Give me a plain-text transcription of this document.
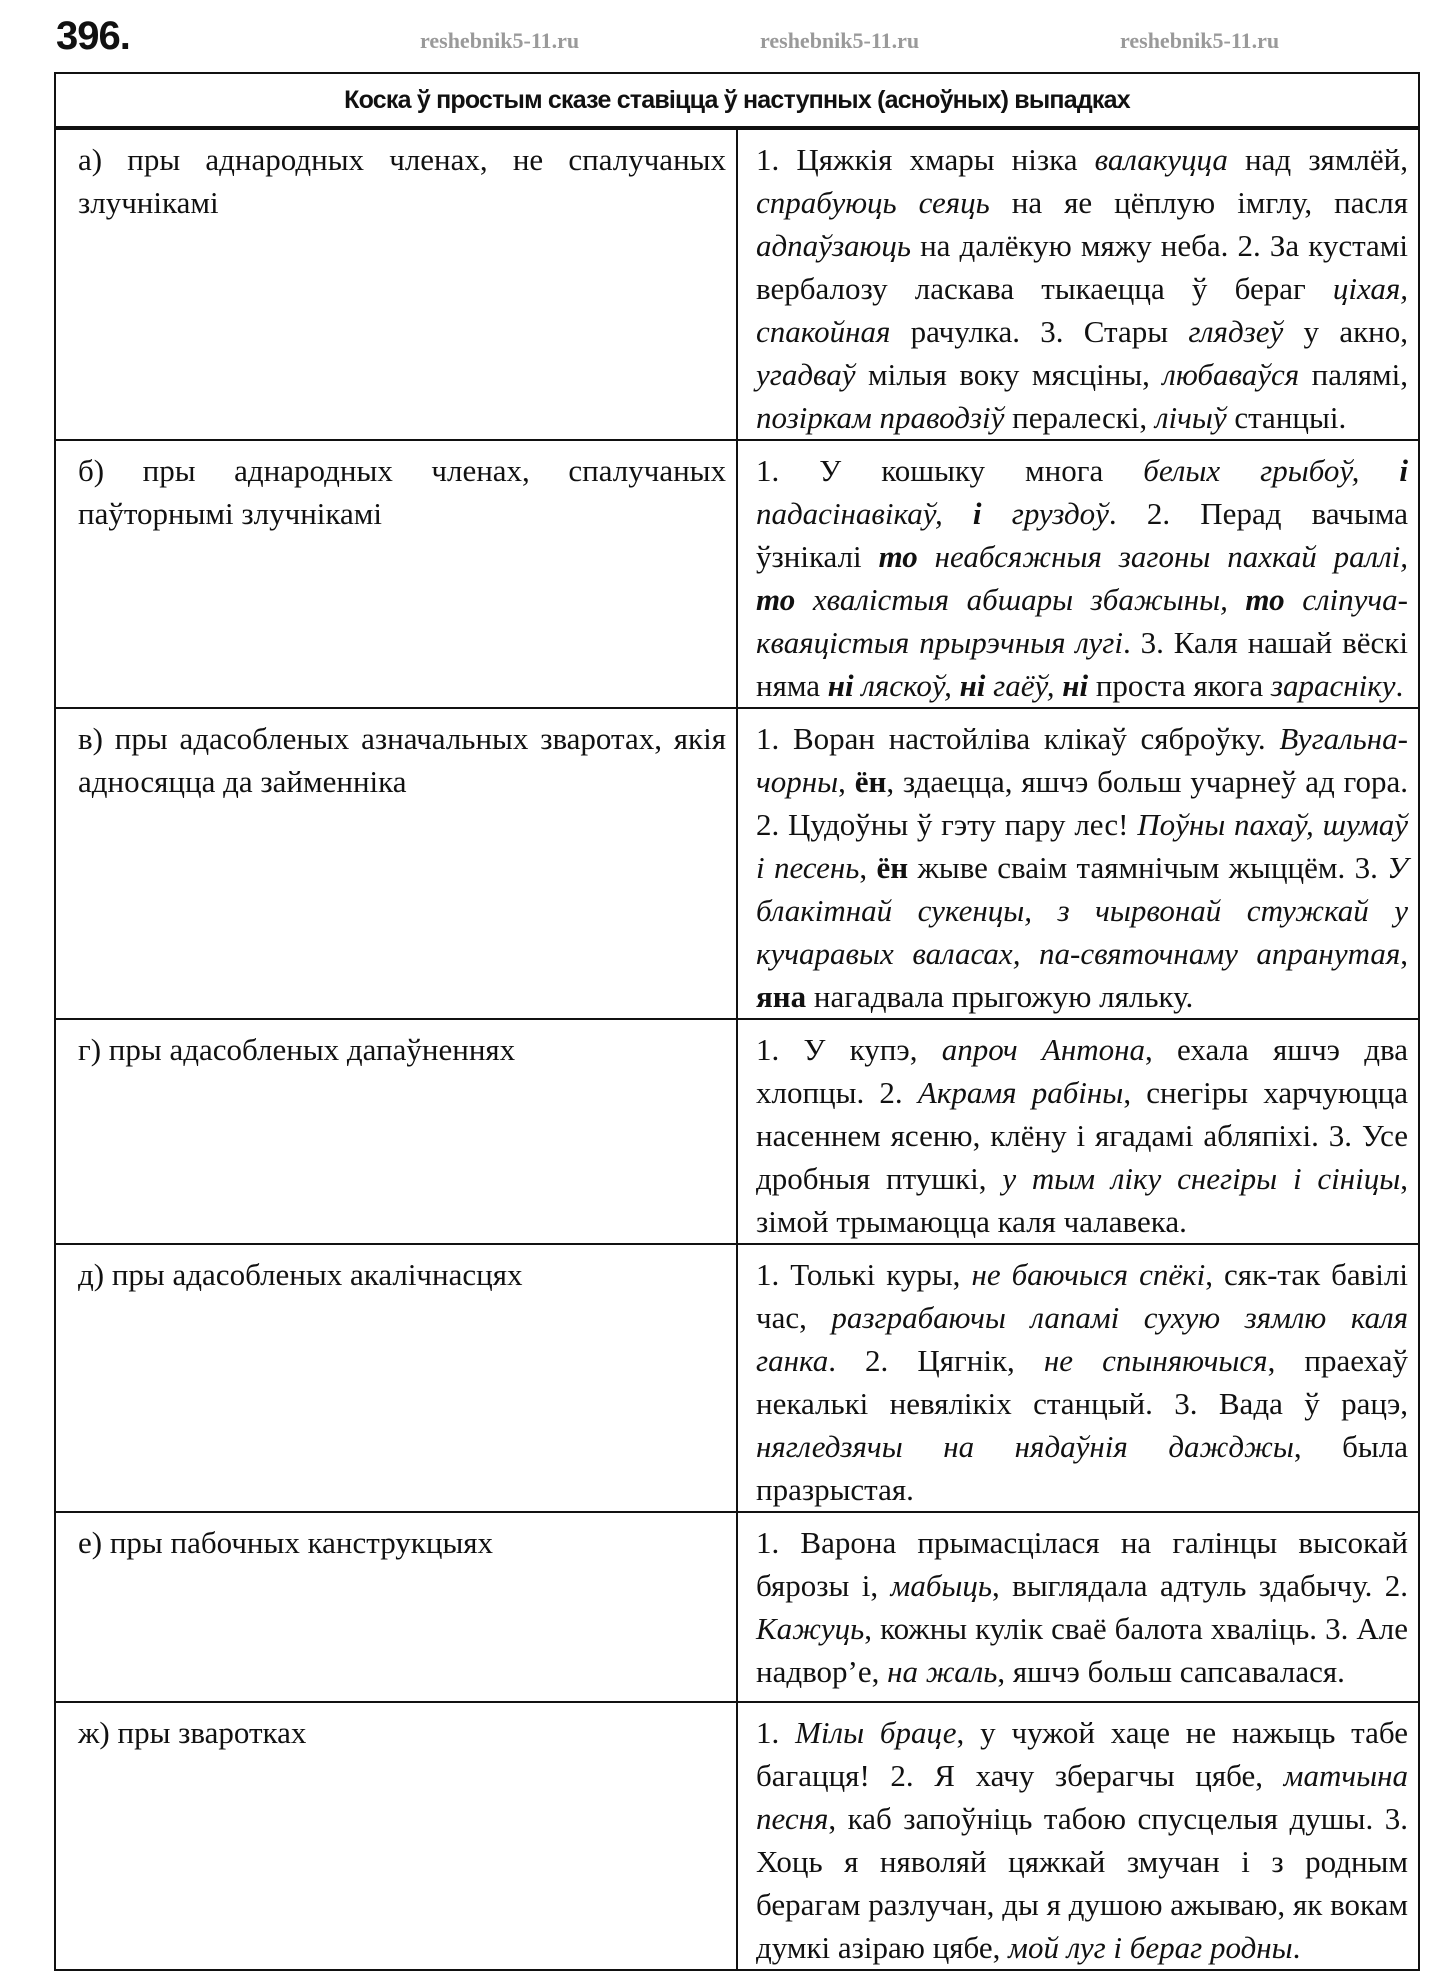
396.
Коска ў простым сказе ставіцца ў наступных (асноўных) выпадках	
а) пры аднародных членах, не спалучаных злучнікамі	1. Цяжкія хмары нізка валакуцца над зямлёй, спрабуюць сеяць на яе цёплую імглу, пасля адпаўзаюць на далёкую мяжу неба. 2. За кустамі вербалозу ласкава тыкаецца ў бераг ціхая, спакойная рачулка. 3. Стары глядзеў у акно, угадваў мілыя воку мясціны, любаваўся палямі, позіркам праводзіў пералескі, лічыў станцыі.
б) пры аднародных членах, спалучаных паўторнымі злучнікамі	1. У кошыку многа белых грыбоў, і падасінавікаў, і груздоў. 2. Перад вачыма ўзнікалі то неабсяжныя загоны пахкай раллі, то хвалістыя абшары збажыны, то сліпуча-кваяцістыя прырэчныя лугі. 3. Каля нашай вёскі няма ні ляскоў, ні гаёў, ні проста якога зарасніку.
в) пры адасобленых азначальных зваротах, якія адносяцца да займенніка	1. Воран настойліва клікаў сяброўку. Вугальна-чорны, ён, здаецца, яшчэ больш учарнеў ад гора. 2. Цудоўны ў гэту пару лес! Поўны пахаў, шумаў і песень, ён жыве сваім таямнічым жыццём. 3. У блакітнай сукенцы, з чырвонай стужкай у кучаравых валасах, па-святочнаму апранутая, яна нагадвала прыгожую ляльку.
г) пры адасобленых дапаўненнях	1. У купэ, апроч Антона, ехала яшчэ два хлопцы. 2. Акрамя рабіны, снегіры харчуюцца насеннем ясеню, клёну і ягадамі абляпіхі. 3. Усе дробныя птушкі, у тым ліку снегіры і сініцы, зімой трымаюцца каля чалавека.
д) пры адасобленых акалічнасцях	1. Толькі куры, не баючыся спёкі, сяк-так бавілі час, разграбаючы лапамі сухую зямлю каля ганка. 2. Цягнік, не спыняючыся, праехаў некалькі невялікіх станцый. 3. Вада ў рацэ, нягледзячы на нядаўнія дажджы, была празрыстая.
е) пры пабочных канструкцыях	1. Варона прымасцілася на галінцы высокай бярозы і, мабыць, выглядала адтуль здабычу. 2. Кажуць, кожны кулік сваё балота хваліць. 3. Але надвор’е, на жаль, яшчэ больш сапсавалася.
ж) пры зваротках	1. Мілы браце, у чужой хаце не нажыць табе багацця! 2. Я хачу зберагчы цябе, матчына песня, каб запоўніць табою спусцелыя душы. 3. Хоць я няволяй цяжкай змучан і з родным берагам разлучан, ды я душою ажываю, як вокам думкі азіраю цябе, мой луг і бераг родны.
reshebnik5-11.ru	reshebnik5-11.ru	reshebnik5-11.ru
